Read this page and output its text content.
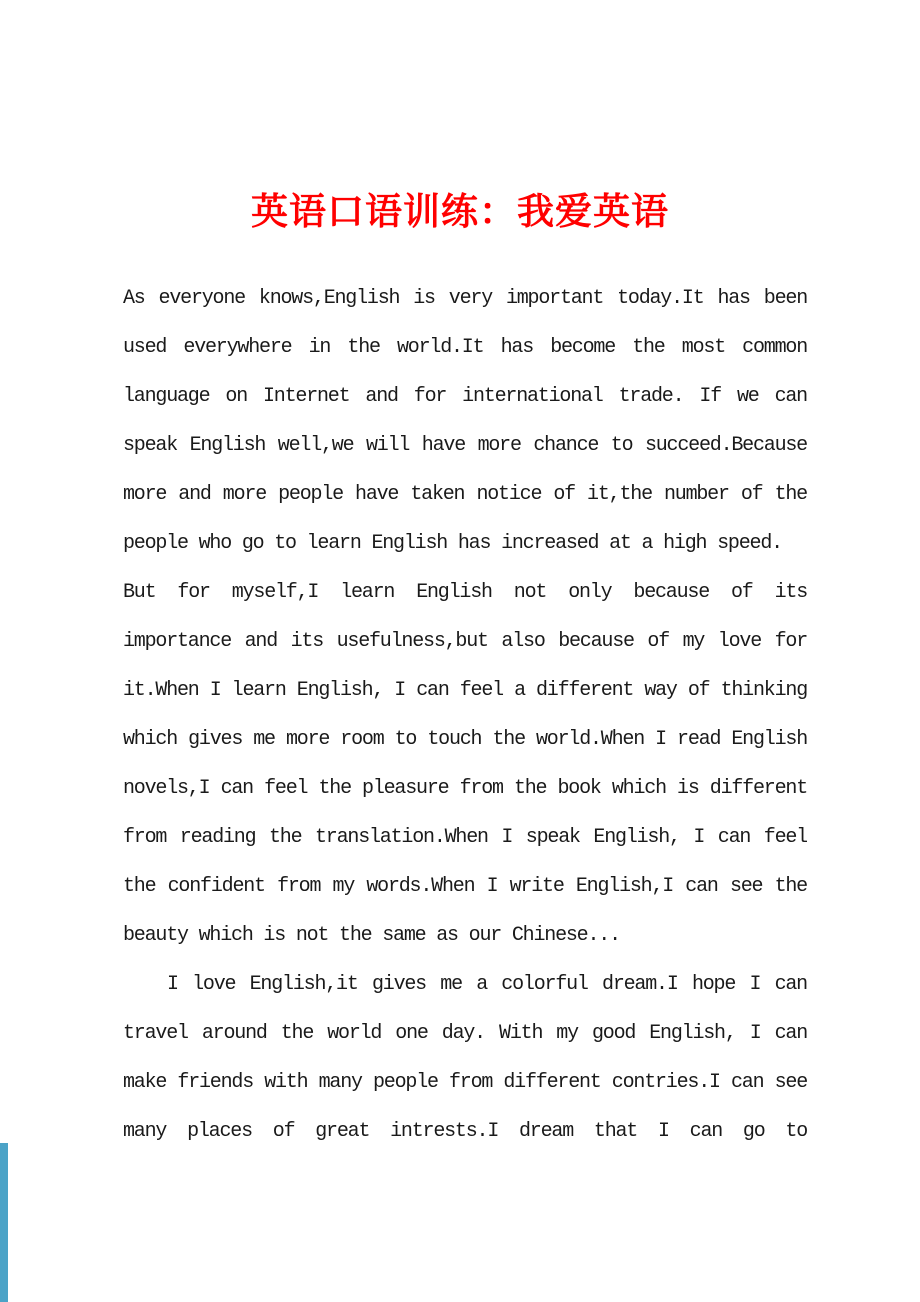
英语口语训练：我爱英语
As everyone knows,English is very important today.It has been
used everywhere in the world.It has become the most common
language on Internet and for international trade. If we can
speak English well,we will have more chance to succeed.Because
more and more people have taken notice of it,the number of the
people who go to learn English has increased at a high speed.
But for myself,I learn English not only because of its
importance and its usefulness,but also because of my love for
it.When I learn English, I can feel a different way of thinking
which gives me more room to touch the world.When I read English
novels,I can feel the pleasure from the book which is different
from reading the translation.When I speak English, I can feel
the confident from my words.When I write English,I can see the
beauty which is not the same as our Chinese...
I love English,it gives me a colorful dream.I hope I can
travel around the world one day. With my good English, I can
make friends with many people from different contries.I can see
many places of great intrests.I dream that I can go to
